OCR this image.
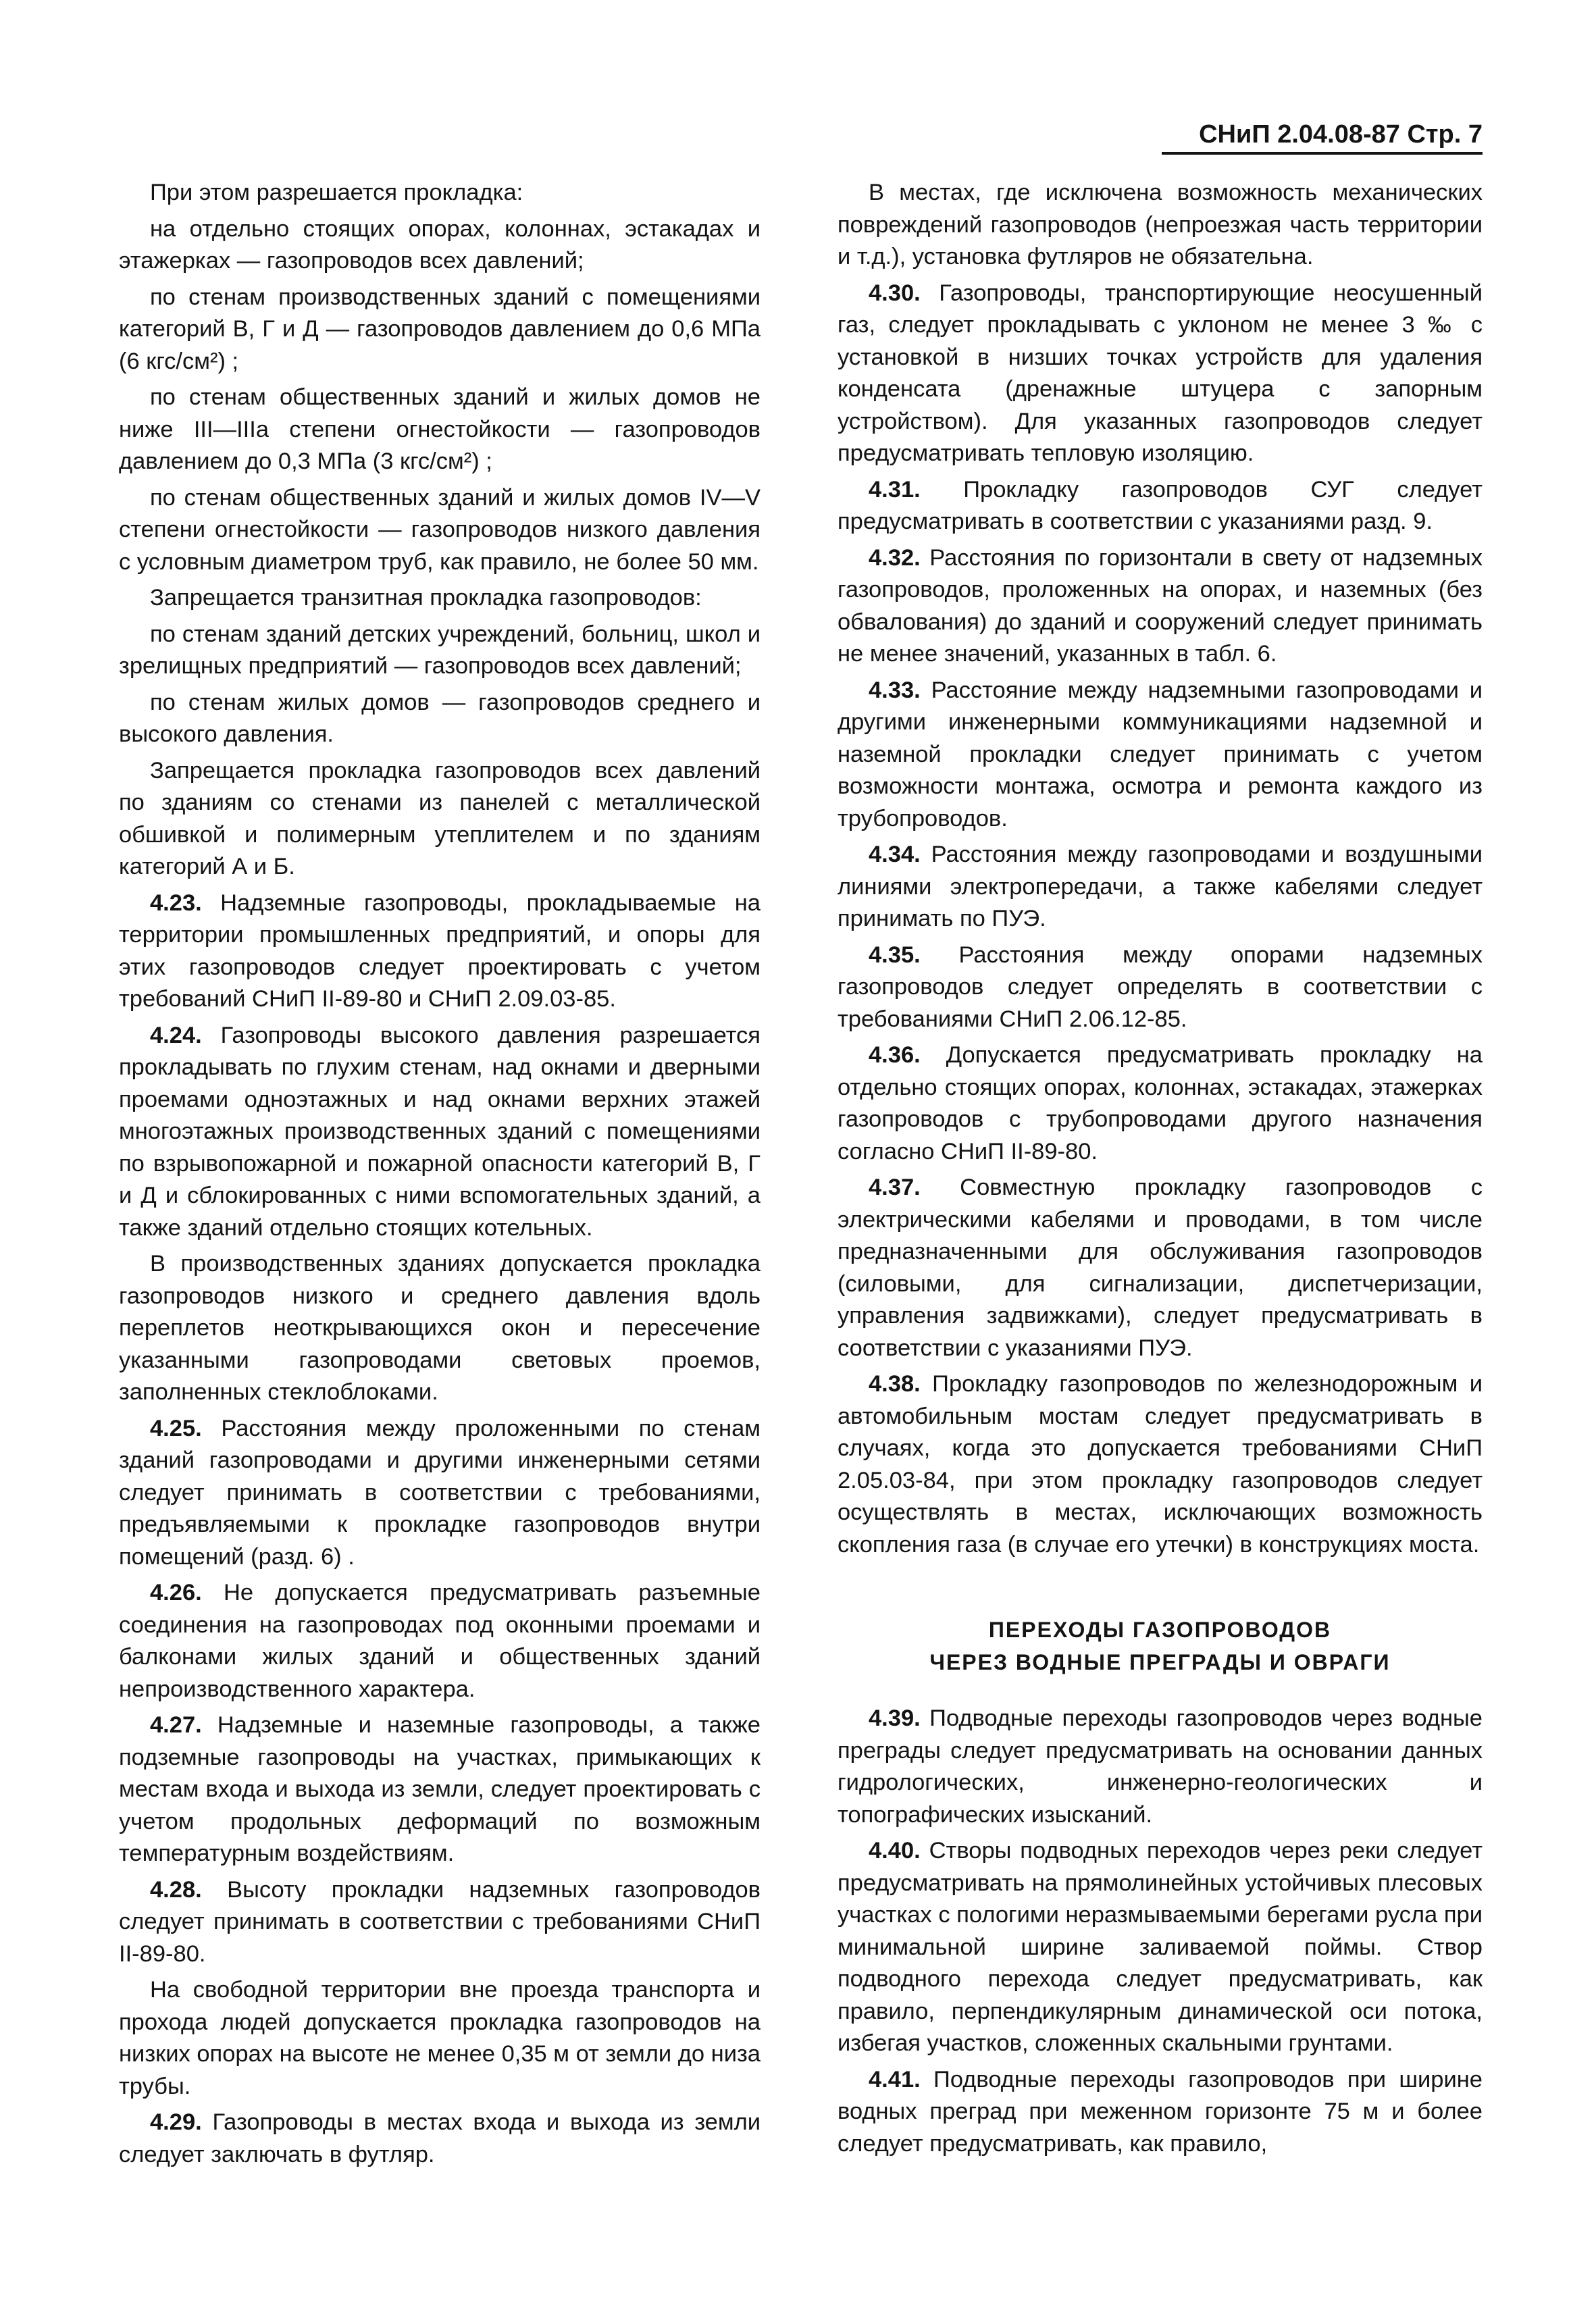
СНиП 2.04.08-87 Стр. 7

При этом разрешается прокладка:

на отдельно стоящих опорах, колоннах, эстакадах и этажерках — газопроводов всех давлений;

по стенам производственных зданий с помещениями категорий В, Г и Д — газопроводов давлением до 0,6 МПа (6 кгс/см²) ;

по стенам общественных зданий и жилых домов не ниже III—IIIа степени огнестойкости — газопроводов давлением до 0,3 МПа (3 кгс/см²) ;

по стенам общественных зданий и жилых домов IV—V степени огнестойкости — газопроводов низкого давления с условным диаметром труб, как правило, не более 50 мм.

Запрещается транзитная прокладка газопроводов:

по стенам зданий детских учреждений, больниц, школ и зрелищных предприятий — газопроводов всех давлений;

по стенам жилых домов — газопроводов среднего и высокого давления.

Запрещается прокладка газопроводов всех давлений по зданиям со стенами из панелей с металлической обшивкой и полимерным утеплителем и по зданиям категорий А и Б.

4.23. Надземные газопроводы, прокладываемые на территории промышленных предприятий, и опоры для этих газопроводов следует проектировать с учетом требований СНиП II-89-80 и СНиП 2.09.03-85.

4.24. Газопроводы высокого давления разрешается прокладывать по глухим стенам, над окнами и дверными проемами одноэтажных и над окнами верхних этажей многоэтажных производственных зданий с помещениями по взрывопожарной и пожарной опасности категорий В, Г и Д и сблокированных с ними вспомогательных зданий, а также зданий отдельно стоящих котельных.

В производственных зданиях допускается прокладка газопроводов низкого и среднего давления вдоль переплетов неоткрывающихся окон и пересечение указанными газопроводами световых проемов, заполненных стеклоблоками.

4.25. Расстояния между проложенными по стенам зданий газопроводами и другими инженерными сетями следует принимать в соответствии с требованиями, предъявляемыми к прокладке газопроводов внутри помещений (разд. 6) .

4.26. Не допускается предусматривать разъемные соединения на газопроводах под оконными проемами и балконами жилых зданий и общественных зданий непроизводственного характера.

4.27. Надземные и наземные газопроводы, а также подземные газопроводы на участках, примыкающих к местам входа и выхода из земли, следует проектировать с учетом продольных деформаций по возможным температурным воздействиям.

4.28. Высоту прокладки надземных газопроводов следует принимать в соответствии с требованиями СНиП II-89-80.

На свободной территории вне проезда транспорта и прохода людей допускается прокладка газопроводов на низких опорах на высоте не менее 0,35 м от земли до низа трубы.

4.29. Газопроводы в местах входа и выхода из земли следует заключать в футляр.

В местах, где исключена возможность механических повреждений газопроводов (непроезжая часть территории и т.д.), установка футляров не обязательна.

4.30. Газопроводы, транспортирующие неосушенный газ, следует прокладывать с уклоном не менее 3 ‰ с установкой в низших точках устройств для удаления конденсата (дренажные штуцера с запорным устройством). Для указанных газопроводов следует предусматривать тепловую изоляцию.

4.31. Прокладку газопроводов СУГ следует предусматривать в соответствии с указаниями разд. 9.

4.32. Расстояния по горизонтали в свету от надземных газопроводов, проложенных на опорах, и наземных (без обвалования) до зданий и сооружений следует принимать не менее значений, указанных в табл. 6.

4.33. Расстояние между надземными газопроводами и другими инженерными коммуникациями надземной и наземной прокладки следует принимать с учетом возможности монтажа, осмотра и ремонта каждого из трубопроводов.

4.34. Расстояния между газопроводами и воздушными линиями электропередачи, а также кабелями следует принимать по ПУЭ.

4.35. Расстояния между опорами надземных газопроводов следует определять в соответствии с требованиями СНиП 2.06.12-85.

4.36. Допускается предусматривать прокладку на отдельно стоящих опорах, колоннах, эстакадах, этажерках газопроводов с трубопроводами другого назначения согласно СНиП II-89-80.

4.37. Совместную прокладку газопроводов с электрическими кабелями и проводами, в том числе предназначенными для обслуживания газопроводов (силовыми, для сигнализации, диспетчеризации, управления задвижками), следует предусматривать в соответствии с указаниями ПУЭ.

4.38. Прокладку газопроводов по железнодорожным и автомобильным мостам следует предусматривать в случаях, когда это допускается требованиями СНиП 2.05.03-84, при этом прокладку газопроводов следует осуществлять в местах, исключающих возможность скопления газа (в случае его утечки) в конструкциях моста.

ПЕРЕХОДЫ ГАЗОПРОВОДОВ
ЧЕРЕЗ ВОДНЫЕ ПРЕГРАДЫ И ОВРАГИ

4.39. Подводные переходы газопроводов через водные преграды следует предусматривать на основании данных гидрологических, инженерно-геологических и топографических изысканий.

4.40. Створы подводных переходов через реки следует предусматривать на прямолинейных устойчивых плесовых участках с пологими неразмываемыми берегами русла при минимальной ширине заливаемой поймы. Створ подводного перехода следует предусматривать, как правило, перпендикулярным динамической оси потока, избегая участков, сложенных скальными грунтами.

4.41. Подводные переходы газопроводов при ширине водных преград при меженном горизонте 75 м и более следует предусматривать, как правило,
